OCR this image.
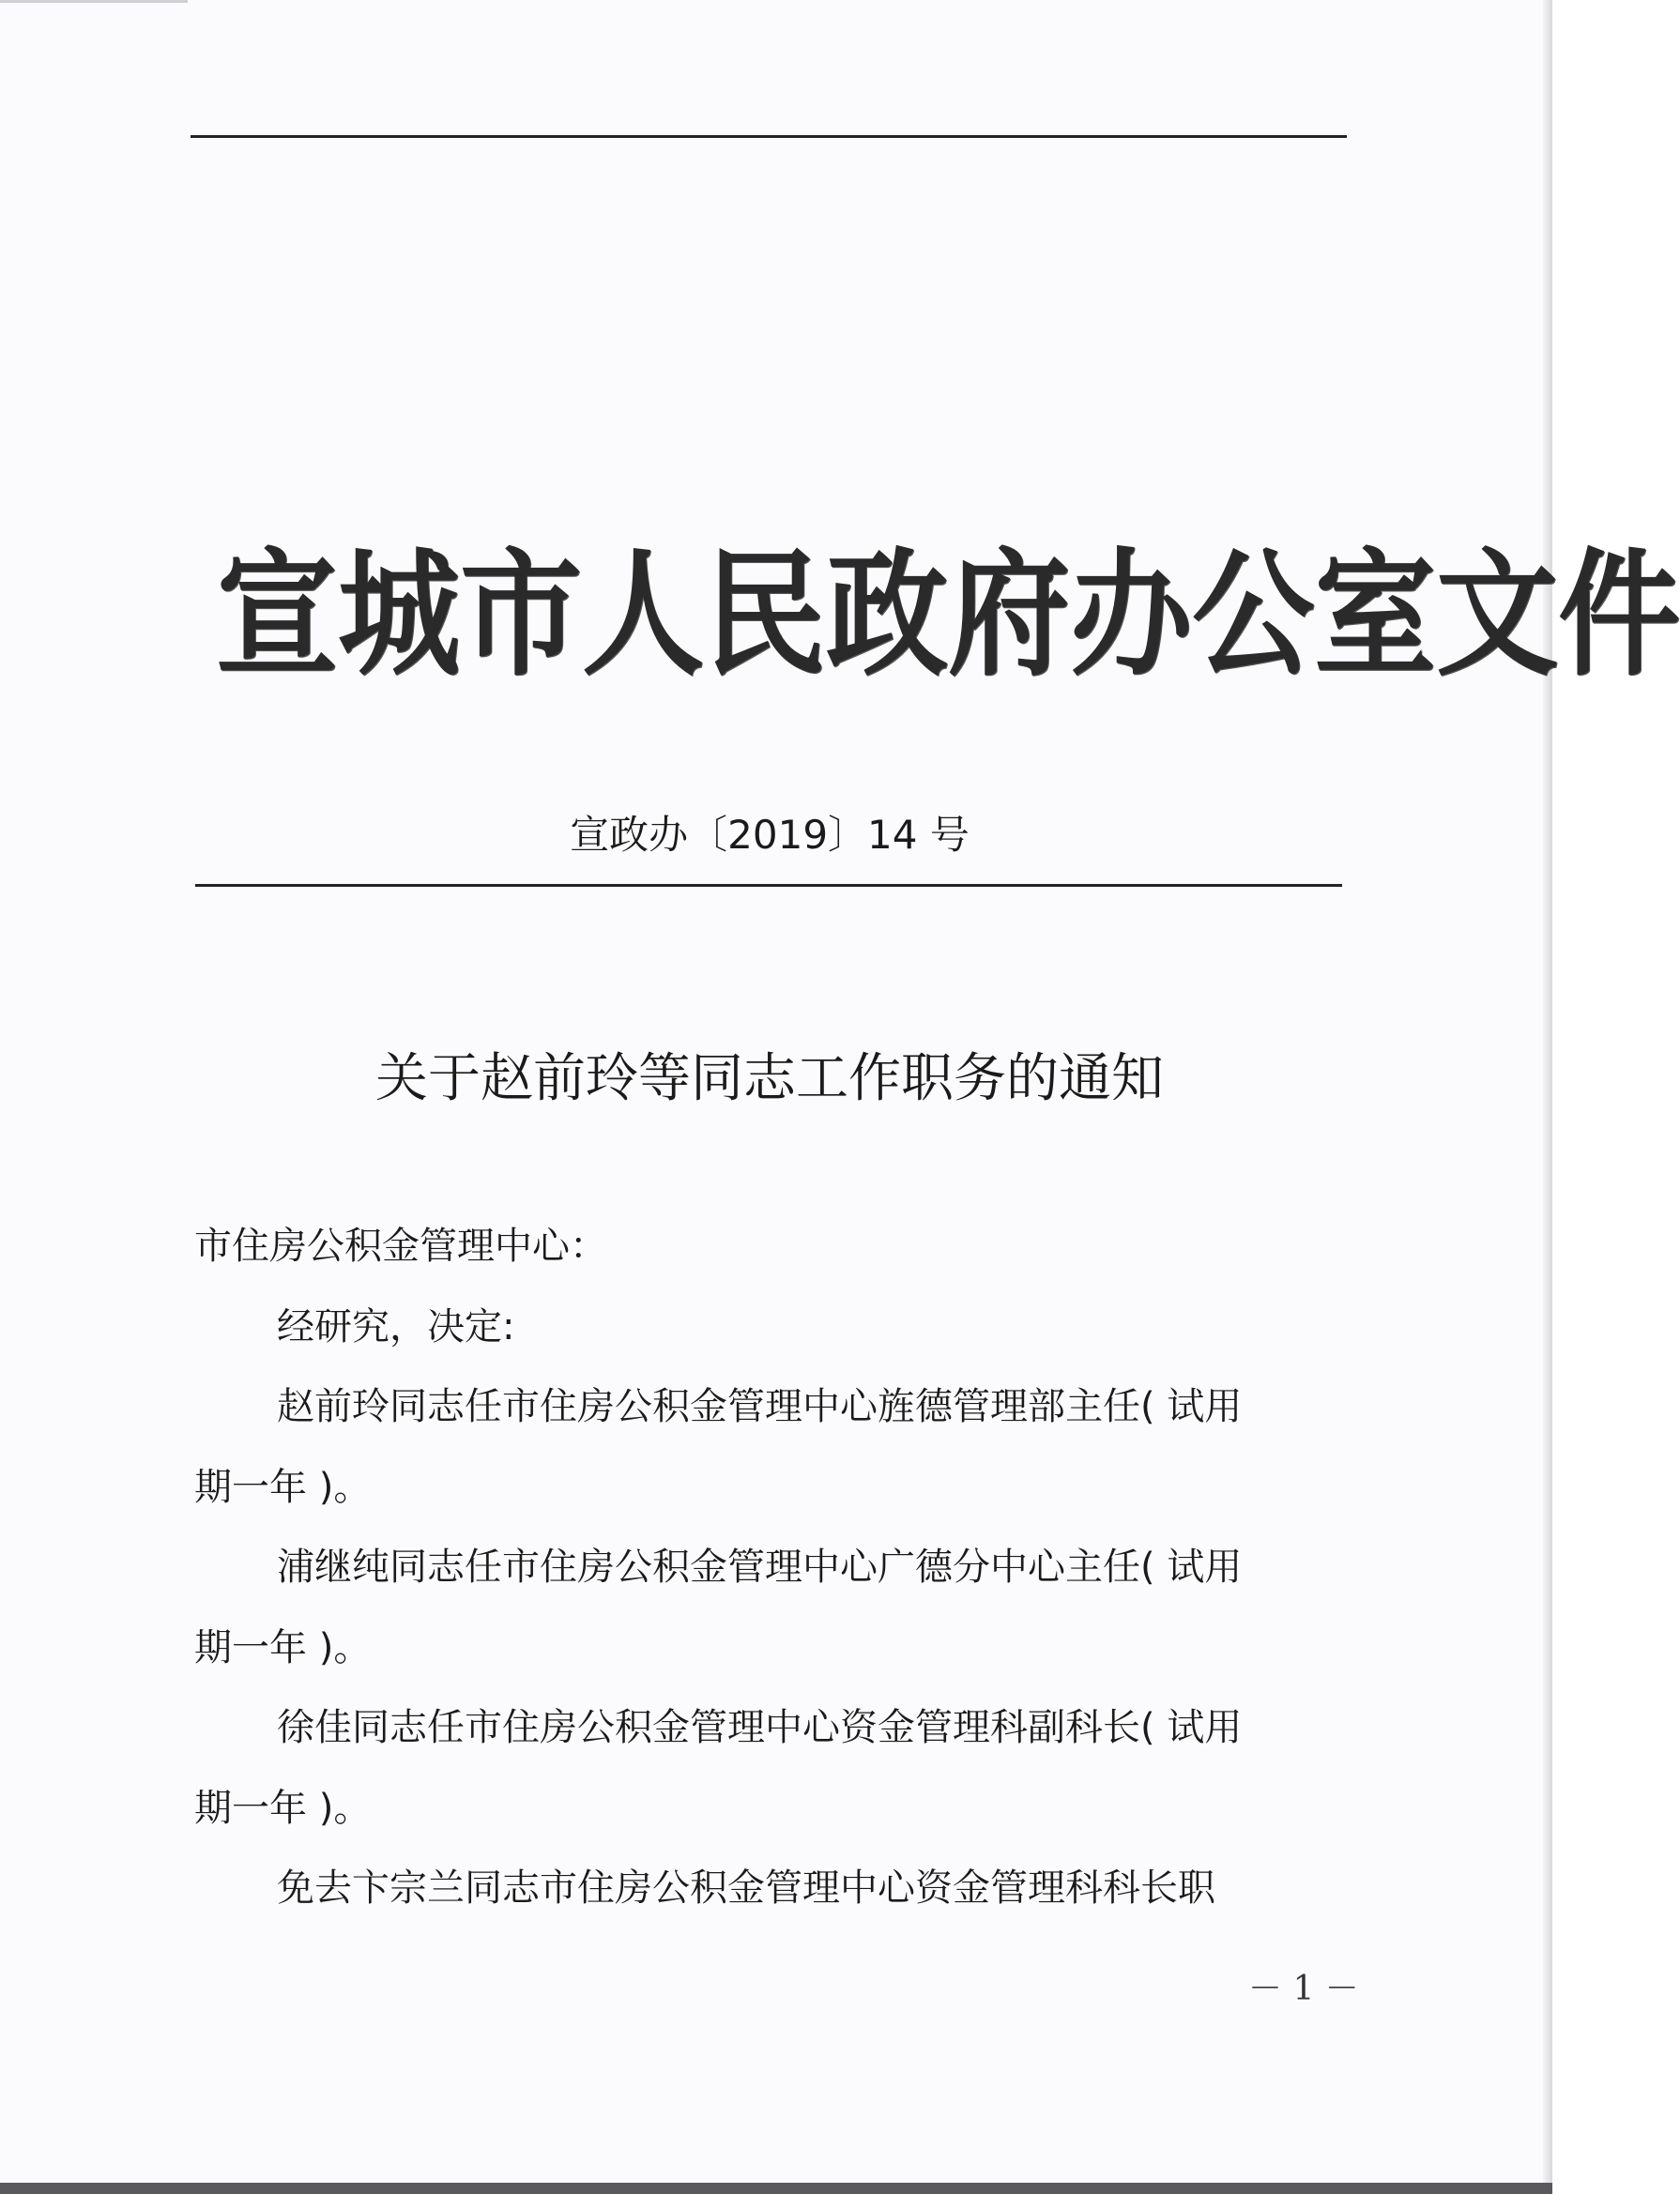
宣 城 市 人 民 政 府 办 公 室 文 件
宣政办〔2019〕14 号
关于赵前玲等同志工作职务的通知
市住房公积金管理中心：
经研究，决定:
赵前玲同志任市住房公积金管理中心旌德管理部主任( 试用
期一年 )。
浦继纯同志任市住房公积金管理中心广德分中心主任( 试用
期一年 )。
徐佳同志任市住房公积金管理中心资金管理科副科长( 试用
期一年 )。
免去卞宗兰同志市住房公积金管理中心资金管理科科长职
－ 1 －
